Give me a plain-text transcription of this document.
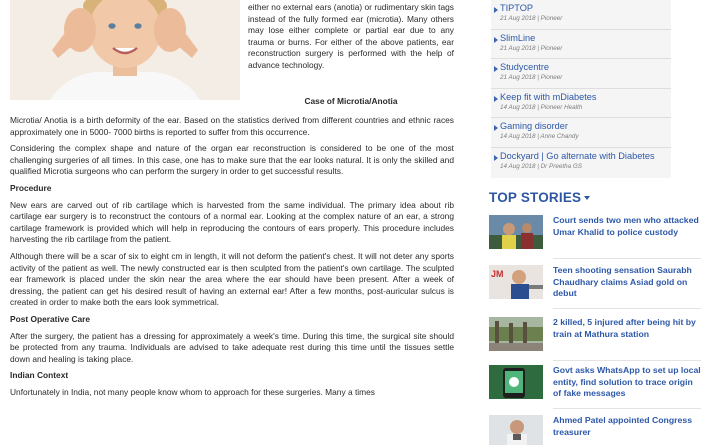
either no external ears (anotia) or rudimentary skin tags instead of the fully formed ear (microtia). Many others may lose either complete or partial ear due to any trauma or burns. For either of the above patients, ear reconstruction surgery is performed with the help of advance technology.

Case of Microtia/Anotia

Microtia/ Anotia is a birth deformity of the ear. Based on the statistics derived from different countries and ethnic races approximately one in 5000- 7000 births is reported to suffer from this occurrence.

Considering the complex shape and nature of the organ ear reconstruction is considered to be one of the most challenging surgeries of all times. In this case, one has to make sure that the ear looks natural. It is only the skilled and qualified Microtia surgeons who can perform the surgery in order to get successful results.

Procedure

New ears are carved out of rib cartilage which is harvested from the same individual. The primary idea about rib cartilage ear surgery is to reconstruct the contours of a normal ear. Looking at the complex nature of an ear, a strong cartilage framework is provided which will help in reproducing the contours of ears properly. This procedure includes harvesting the rib cartilage from the patient.

Although there will be a scar of six to eight cm in length, it will not deform the patient's chest. It will not deter any sports activity of the patient as well. The newly constructed ear is then sculpted from the patient's own cartilage. The sculpted ear framework is placed under the skin near the area where the ear should have been present. After a week of dressing, the patient can get his desired result of having an external ear! After a few months, post-auricular sulcus is created in order to make both the ears look symmetrical.

Post Operative Care

After the surgery, the patient has a dressing for approximately a week's time. During this time, the surgical site should be protected from any trauma. Individuals are advised to take adequate rest during this time until the tissues settle down and healing is taking place.

Indian Context

Unfortunately in India, not many people know whom to approach for these surgeries. Many a times

TIPTOP
21 Aug 2018 | Pioneer
SlimLine
21 Aug 2018 | Pioneer
Studycentre
21 Aug 2018 | Pioneer
Keep fit with mDiabetes
14 Aug 2018 | Pioneer Health
Gaming disorder
14 Aug 2018 | Anne Chandy
Dockyard | Go alternate with Diabetes
14 Aug 2018 | Dr Preetha GS
TOP STORIES
Court sends two men who attacked Umar Khalid to police custody
JM	Teen shooting sensation Saurabh Chaudhary claims Asiad gold on debut
2 killed, 5 injured after being hit by train at Mathura station
Govt asks WhatsApp to set up local entity, find solution to trace origin of fake messages
Ahmed Patel appointed Congress treasurer
